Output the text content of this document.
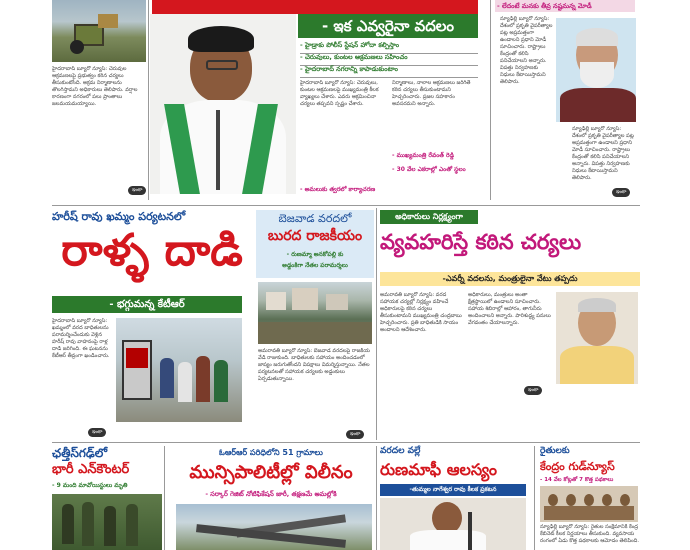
హైదరాబాద్ బ్యూరో న్యూస్: చెరువుల ఆక్రమణలపై ప్రభుత్వం కఠిన చర్యలు తీసుకుంటోంది. అక్రమ నిర్మాణాలను తొలగిస్తామని అధికారులు తెలిపారు. వర్షాల కారణంగా నగరంలో పలు ప్రాంతాలు జలమయమయ్యాయి.
ఇంకా
- ఇక ఎవ్వరైనా వదలం
- హైడ్రాకు పోలీస్ స్టేషన్ హోదా కల్పిస్తాం
- చెరువులు, కుంటల ఆక్రమణలు సహించం
- హైదరాబాద్ నగరాన్ని కాపాడుకుంటాం
హైదరాబాద్ బ్యూరో న్యూస్: చెరువులు, కుంటల ఆక్రమణలపై ముఖ్యమంత్రి కీలక వ్యాఖ్యలు చేశారు. ఎవరు ఆక్రమించినా చర్యలు తప్పవని స్పష్టం చేశారు.
నిర్మాణాలు, నాలాల ఆక్రమణలు జరిగితే కఠిన చర్యలు తీసుకుంటామని హెచ్చరించారు. ప్రజల సహకారం అవసరమని అన్నారు.
- ముఖ్యమంత్రి రేవంత్ రెడ్డి
- 30 వేల ఎకరాల్లో ఎంతో స్థలం
- అమలుకు త్వరలో కార్యాచరణ
- లేదంటే మనకు తీవ్ర నష్టమన్న మోడీ
న్యూఢిల్లీ బ్యూరో న్యూస్: దేశంలో ప్రకృతి వైపరీత్యాల పట్ల అప్రమత్తంగా ఉండాలని ప్రధాని మోడీ సూచించారు. రాష్ట్రాలు కేంద్రంతో కలిసి పనిచేయాలని అన్నారు. విపత్తు నిర్వహణకు నిధులు కేటాయిస్తామని తెలిపారు.
న్యూఢిల్లీ బ్యూరో న్యూస్: దేశంలో ప్రకృతి వైపరీత్యాల పట్ల అప్రమత్తంగా ఉండాలని ప్రధాని మోడీ సూచించారు. రాష్ట్రాలు కేంద్రంతో కలిసి పనిచేయాలని అన్నారు. విపత్తు నిర్వహణకు నిధులు కేటాయిస్తామని తెలిపారు.
ఇంకా
హరీష్ రావు ఖమ్మం పర్యటనలో
రాళ్ళ దాడి
- భగ్గుమన్న కేటీఆర్
హైదరాబాద్ బ్యూరో న్యూస్: ఖమ్మంలో వరద బాధితులను పరామర్శించేందుకు వెళ్లిన హరీష్ రావు వాహనంపై రాళ్ల దాడి జరిగింది. ఈ ఘటనను కేటీఆర్ తీవ్రంగా ఖండించారు.
ఇంకా
బెజవాడ వరదలో
బురద రాజకీయం
- రుణమ్మా అనకోపల్లి కు
అడ్డంకిగా నేతల పరామర్శలు
అమరావతి బ్యూరో న్యూస్: బెజవాడ వరదలపై రాజకీయ వేడి రాజుకుంది. బాధితులకు సహాయం అందించడంలో జాప్యం జరుగుతోందని విపక్షాలు విమర్శిస్తున్నాయి. నేతల పర్యటనలతో సహాయక చర్యలకు అడ్డంకులు ఏర్పడుతున్నాయి.
ఇంకా
అధికారులు నిర్లక్ష్యంగా
వ్యవహరిస్తే కఠిన చర్యలు
-ఎవర్నీ వదలను, మంత్రులైనా వేటు తప్పదు
అమరావతి బ్యూరో న్యూస్: వరద సహాయక చర్యల్లో నిర్లక్ష్యం వహించే అధికారులపై కఠిన చర్యలు తీసుకుంటామని ముఖ్యమంత్రి చంద్రబాబు హెచ్చరించారు. ప్రతి బాధితుడికి సాయం అందాలని ఆదేశించారు.
అధికారులు, మంత్రులు అంతా క్షేత్రస్థాయిలో ఉండాలని సూచించారు. సహాయ శిబిరాల్లో ఆహారం, తాగునీరు అందించాలని అన్నారు. పారిశుద్ధ్య పనులు వేగవంతం చేయాలన్నారు.
ఇంకా
ఛత్తీస్‌గఢ్‌లో
భారీ ఎన్‌కౌంటర్
- 9 మంది మావోయిస్టులు మృతి
ఓఆర్ఆర్ పరిధిలోని 51 గ్రామాలు
మున్సిపాలిటీల్లో విలీనం
- సర్కార్ గెజిట్ నోటిఫికేషన్ జారీ, తక్షణమే అమల్లోకి
వరదల వల్లే
రుణమాఫీ ఆలస్యం
-తుమ్మల నాగేశ్వర రావు కీలక ప్రకటన
రైతులకు
కేంద్రం గుడ్‌న్యూస్
- 14 వేల కోట్లతో 7 కొత్త పథకాలు
న్యూఢిల్లీ బ్యూరో న్యూస్: రైతుల సంక్షేమానికి కేంద్ర కేబినెట్ కీలక నిర్ణయాలు తీసుకుంది. వ్యవసాయ రంగంలో ఏడు కొత్త పథకాలకు ఆమోదం తెలిపింది.
